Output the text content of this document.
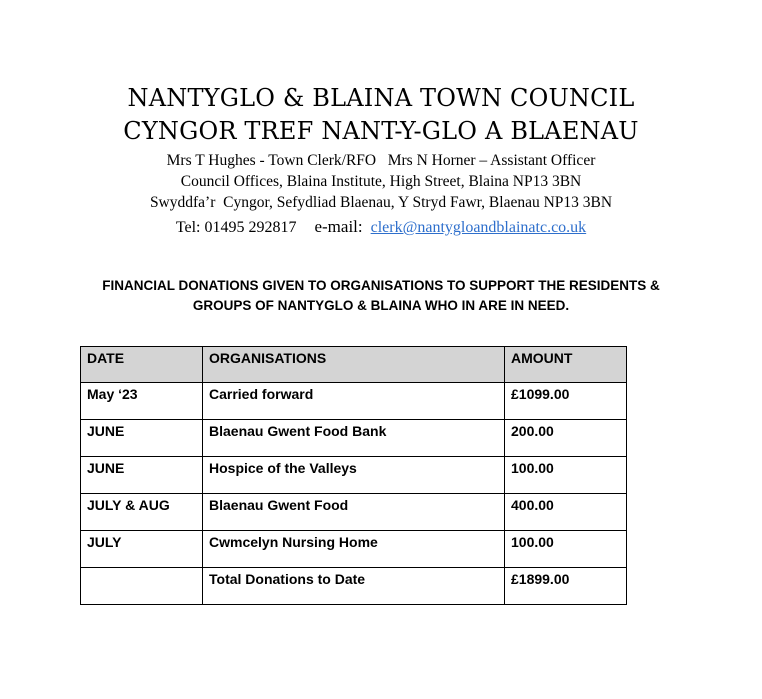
NANTYGLO & BLAINA TOWN COUNCIL
CYNGOR TREF NANT-Y-GLO A BLAENAU
Mrs T Hughes - Town Clerk/RFO   Mrs N Horner – Assistant Officer
Council Offices, Blaina Institute, High Street, Blaina NP13 3BN
Swyddfa’r  Cyngor, Sefydliad Blaenau, Y Stryd Fawr, Blaenau NP13 3BN
Tel: 01495 292817 e-mail: clerk@nantygloandblainatc.co.uk
FINANCIAL DONATIONS GIVEN TO ORGANISATIONS TO SUPPORT THE RESIDENTS &
GROUPS OF NANTYGLO & BLAINA WHO IN ARE IN NEED.
DATE	ORGANISATIONS	AMOUNT
May ‘23	Carried forward	£1099.00
JUNE	Blaenau Gwent Food Bank	200.00
JUNE	Hospice of the Valleys	100.00
JULY & AUG	Blaenau Gwent Food	400.00
JULY	Cwmcelyn Nursing Home	100.00
	Total Donations to Date	£1899.00
